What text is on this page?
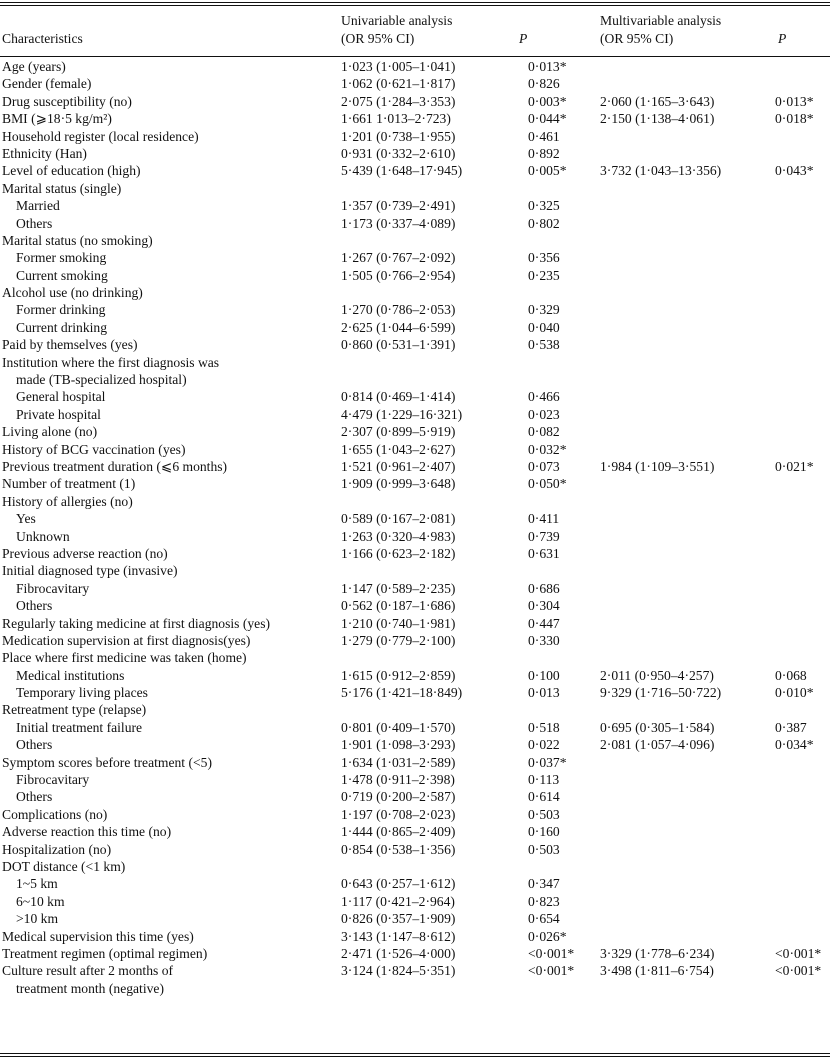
Characteristics
Univariable analysis
(OR 95% CI)	P
Multivariable analysis
(OR 95% CI)	P
Age (years)	1·023 (1·005–1·041)	0·013*
Gender (female)	1·062 (0·621–1·817)	0·826
Drug susceptibility (no)	2·075 (1·284–3·353)	0·003* 2·060 (1·165–3·643)	0·013*
BMI (⩾18·5 kg/m²)	1·661 1·013–2·723)	0·044* 2·150 (1·138–4·061)	0·018*
Household register (local residence)	1·201 (0·738–1·955)	0·461
Ethnicity (Han)	0·931 (0·332–2·610)	0·892
Level of education (high)	5·439 (1·648–17·945)	0·005* 3·732 (1·043–13·356)	0·043*
Marital status (single)
Married	1·357 (0·739–2·491)	0·325
Others	1·173 (0·337–4·089)	0·802
Marital status (no smoking)
Former smoking	1·267 (0·767–2·092)	0·356
Current smoking	1·505 (0·766–2·954)	0·235
Alcohol use (no drinking)
Former drinking	1·270 (0·786–2·053)	0·329
Current drinking	2·625 (1·044–6·599)	0·040
Paid by themselves (yes)	0·860 (0·531–1·391)	0·538
Institution where the first diagnosis was
made (TB-specialized hospital)
General hospital	0·814 (0·469–1·414)	0·466
Private hospital	4·479 (1·229–16·321)	0·023
Living alone (no)	2·307 (0·899–5·919)	0·082
History of BCG vaccination (yes)	1·655 (1·043–2·627)	0·032*
Previous treatment duration (⩽6 months)	1·521 (0·961–2·407)	0·073	1·984 (1·109–3·551)	0·021*
Number of treatment (1)	1·909 (0·999–3·648)	0·050*
History of allergies (no)
Yes	0·589 (0·167–2·081)	0·411
Unknown	1·263 (0·320–4·983)	0·739
Previous adverse reaction (no)	1·166 (0·623–2·182)	0·631
Initial diagnosed type (invasive)
Fibrocavitary	1·147 (0·589–2·235)	0·686
Others	0·562 (0·187–1·686)	0·304
Regularly taking medicine at first diagnosis (yes)	1·210 (0·740–1·981)	0·447
Medication supervision at first diagnosis(yes)	1·279 (0·779–2·100)	0·330
Place where first medicine was taken (home)
Medical institutions	1·615 (0·912–2·859)	0·100	2·011 (0·950–4·257)	0·068
Temporary living places	5·176 (1·421–18·849)	0·013	9·329 (1·716–50·722)	0·010*
Retreatment type (relapse)
Initial treatment failure	0·801 (0·409–1·570)	0·518	0·695 (0·305–1·584)	0·387
Others	1·901 (1·098–3·293)	0·022	2·081 (1·057–4·096)	0·034*
Symptom scores before treatment (<5)	1·634 (1·031–2·589)	0·037*
Fibrocavitary	1·478 (0·911–2·398)	0·113
Others	0·719 (0·200–2·587)	0·614
Complications (no)	1·197 (0·708–2·023)	0·503
Adverse reaction this time (no)	1·444 (0·865–2·409)	0·160
Hospitalization (no)	0·854 (0·538–1·356)	0·503
DOT distance (<1 km)
1~5 km	0·643 (0·257–1·612)	0·347
6~10 km	1·117 (0·421–2·964)	0·823
>10 km	0·826 (0·357–1·909)	0·654
Medical supervision this time (yes)	3·143 (1·147–8·612)	0·026*
Treatment regimen (optimal regimen)	2·471 (1·526–4·000)	<0·001* 3·329 (1·778–6·234)	<0·001*
Culture result after 2 months of	3·124 (1·824–5·351)	<0·001* 3·498 (1·811–6·754)	<0·001*
treatment month (negative)
